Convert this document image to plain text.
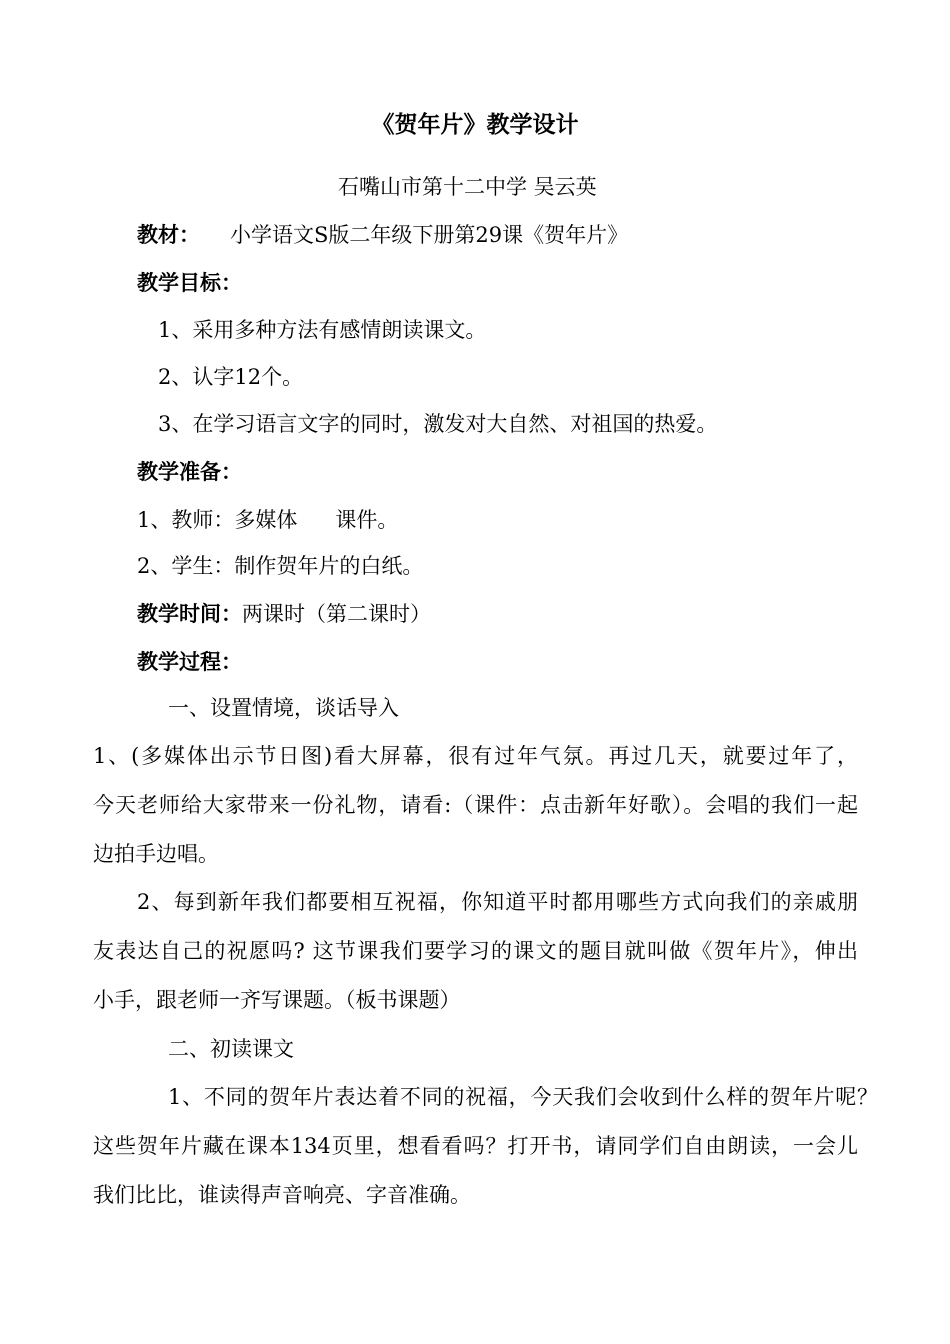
《贺年片》教学设计
石嘴山市第十二中学 吴云英
教材： 小学语文S版二年级下册第29课《贺年片》
教学目标：
1、采用多种方法有感情朗读课文。
2、认字12个。
3、在学习语言文字的同时，激发对大自然、对祖国的热爱。
教学准备：
1、教师：多媒体 课件。
2、学生：制作贺年片的白纸。
教学时间：两课时（第二课时）
教学过程：
一、设置情境，谈话导入
1、(多媒体出示节日图)看大屏幕，很有过年气氛。再过几天，就要过年了，
今天老师给大家带来一份礼物，请看:（课件：点击新年好歌）。会唱的我们一起
边拍手边唱。
2、每到新年我们都要相互祝福，你知道平时都用哪些方式向我们的亲戚朋
友表达自己的祝愿吗? 这节课我们要学习的课文的题目就叫做《贺年片》，伸出
小手，跟老师一齐写课题。（板书课题）
二、初读课文
1、不同的贺年片表达着不同的祝福，今天我们会收到什么样的贺年片呢？
这些贺年片藏在课本134页里，想看看吗？打开书，请同学们自由朗读，一会儿
我们比比，谁读得声音响亮、字音准确。
